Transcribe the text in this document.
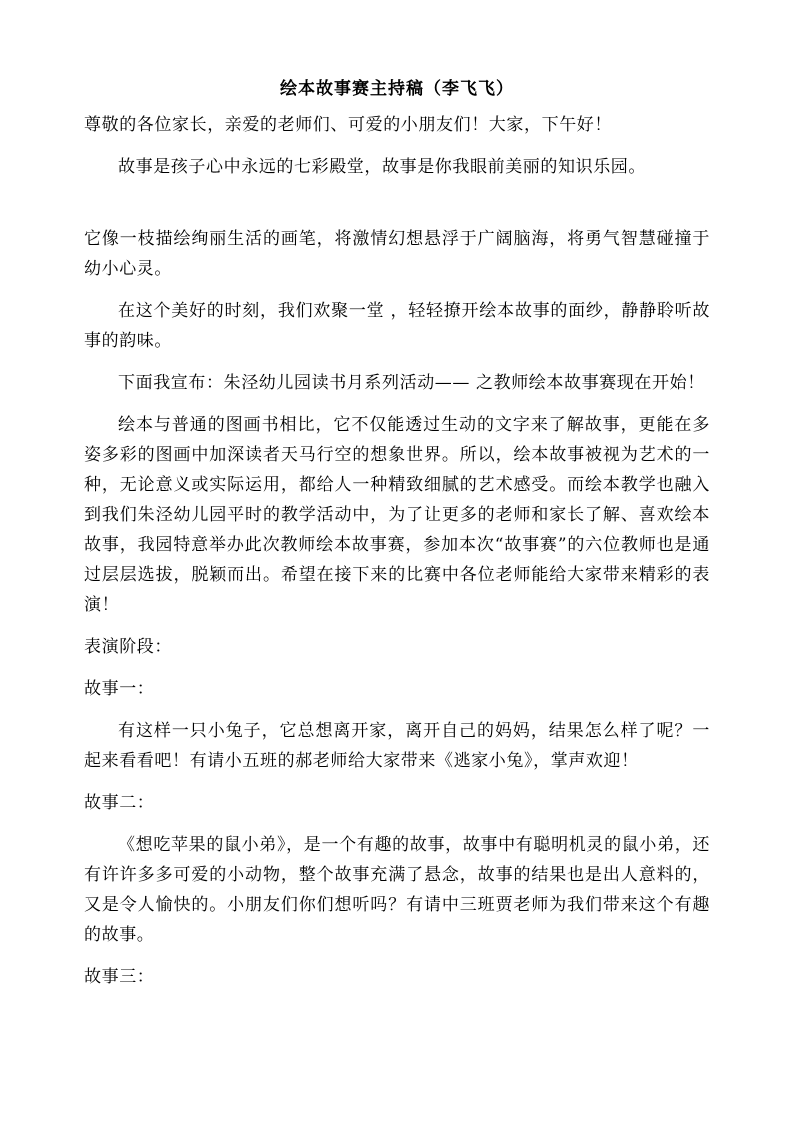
绘本故事赛主持稿（李飞飞）

尊敬的各位家长，亲爱的老师们、可爱的小朋友们！大家，下午好！

故事是孩子心中永远的七彩殿堂，故事是你我眼前美丽的知识乐园。

它像一枝描绘绚丽生活的画笔，将激情幻想悬浮于广阔脑海，将勇气智慧碰撞于幼小心灵。

在这个美好的时刻，我们欢聚一堂 ，轻轻撩开绘本故事的面纱，静静聆听故事的韵味。

下面我宣布：朱泾幼儿园读书月系列活动—— 之教师绘本故事赛现在开始！

绘本与普通的图画书相比，它不仅能透过生动的文字来了解故事，更能在多姿多彩的图画中加深读者天马行空的想象世界。所以，绘本故事被视为艺术的一种，无论意义或实际运用，都给人一种精致细腻的艺术感受。而绘本教学也融入到我们朱泾幼儿园平时的教学活动中，为了让更多的老师和家长了解、喜欢绘本故事，我园特意举办此次教师绘本故事赛，参加本次“故事赛”的六位教师也是通过层层选拔，脱颖而出。希望在接下来的比赛中各位老师能给大家带来精彩的表演！

表演阶段：

故事一：

有这样一只小兔子，它总想离开家，离开自己的妈妈，结果怎么样了呢？一起来看看吧！有请小五班的郝老师给大家带来《逃家小兔》，掌声欢迎！

故事二：

《想吃苹果的鼠小弟》，是一个有趣的故事，故事中有聪明机灵的鼠小弟，还有许许多多可爱的小动物，整个故事充满了悬念，故事的结果也是出人意料的，又是令人愉快的。小朋友们你们想听吗？有请中三班贾老师为我们带来这个有趣的故事。

故事三：
